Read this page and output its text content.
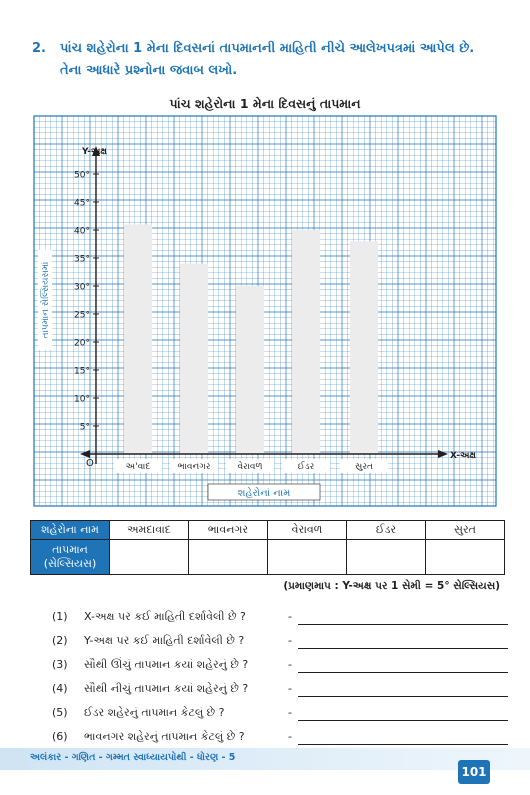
2. પાંચ શહેરોના 1 મેના દિવસનાં તાપમાનની માહિતી નીચે આલેખપત્રમાં આપેલ છે. તેના આધારે પ્રશ્નોના જવાબ લખો.
પાંચ શહેરોના 1 મેના દિવસનું તાપમાન
5°
10°
15°
20°
25°
30°
35°
40°
45°
50°
O
Y-અક્ષ
X-અક્ષ
અ'વાદ	ભાવનગર	વેરાવળ	ઈડર	સુરત
શહેરોનાં નામ
તાપમાન સેલ્સિયસમાં
શહેરોના નામ	અમદાવાદ	ભાવનગર	વેરાવળ	ઈડર	સુરત

તાપમાન
(સેલ્સિયસ)					

(પ્રમાણમાપ : Y-અક્ષ પર 1 સેમી = 5° સેલ્સિયસ)
(1) X-અક્ષ પર કઈ માહિતી દર્શાવેલી છે ?	-
(2) Y-અક્ષ પર કઈ માહિતી દર્શાવેલી છે ?	-
(3) સૌથી ઊંચું તાપમાન કયાં શહેરનું છે ?	-
(4) સૌથી નીચું તાપમાન કયાં શહેરનું છે ?	-
(5) ઈડર શહેરનું તાપમાન કેટલું છે ?	-
(6) ભાવનગર શહેરનું તાપમાન કેટલું છે ?	-
અલંકાર - ગણિત - ગમ્મત સ્વાધ્યાયપોથી - ધોરણ - 5
101
